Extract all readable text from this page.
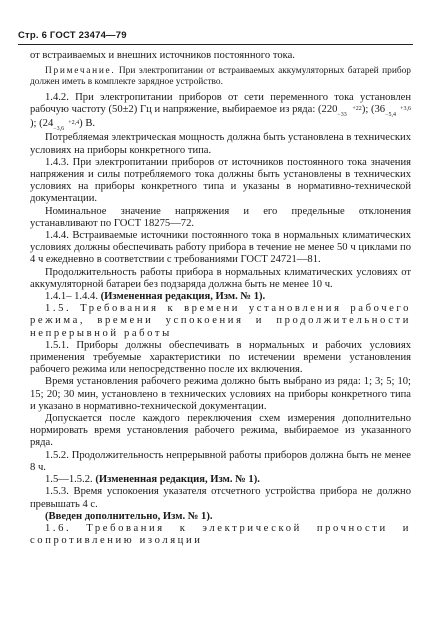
Стр. 6 ГОСТ 23474—79

от встраиваемых и внешних источников постоянного тока.

Примечание. При электропитании от встраиваемых аккумуляторных батарей прибор должен иметь в комплекте зарядное устройство.

1.4.2. При электропитании приборов от сети переменного тока установлен рабочую частоту (50±2) Гц и напряжение, выбираемое из ряда: (220	+22
−33 ); (36	+3,6
−5,4); (24	+2,4
−3,6 ) В.

Потребляемая электрическая мощность должна быть установлена в технических условиях на приборы конкретного типа.

1.4.3. При электропитании приборов от источников постоянного тока значения напряжения и силы потребляемого тока должны быть установлены в технических условиях на приборы конкретного типа и указаны в нормативно-технической документации.

Номинальное значение напряжения и его предельные отклонения устанавливают по ГОСТ 18275—72.

1.4.4. Встраиваемые источники постоянного тока в нормальных климатических условиях должны обеспечивать работу прибора в течение не менее 50 ч циклами по 4 ч ежедневно в соответствии с требованиями ГОСТ 24721—81.

Продолжительность работы прибора в нормальных климатических условиях от аккумуляторной батареи без подзаряда должна быть не менее 10 ч.

1.4.1– 1.4.4. (Измененная редакция, Изм. № 1).

1.5. Требования к времени установления рабочего режима, времени успокоения и продолжительности непрерывной работы

1.5.1. Приборы должны обеспечивать в нормальных и рабочих условиях применения требуемые характеристики по истечении времени установления рабочего режима или непосредственно после их включения.

Время установления рабочего режима должно быть выбрано из ряда: 1; 3; 5; 10; 15; 20; 30 мин, установлено в технических условиях на приборы конкретного типа и указано в нормативно-технической документации.

Допускается после каждого переключения схем измерения дополнительно нормировать время установления рабочего режима, выбираемое из указанного ряда.

1.5.2. Продолжительность непрерывной работы приборов должна быть не менее 8 ч.

1.5—1.5.2. (Измененная редакция, Изм. № 1).

1.5.3. Время успокоения указателя отсчетного устройства прибора не должно превышать 4 с.

(Введен дополнительно, Изм. № 1).

1.6. Требования к электрической прочности и сопротивлению изоляции
